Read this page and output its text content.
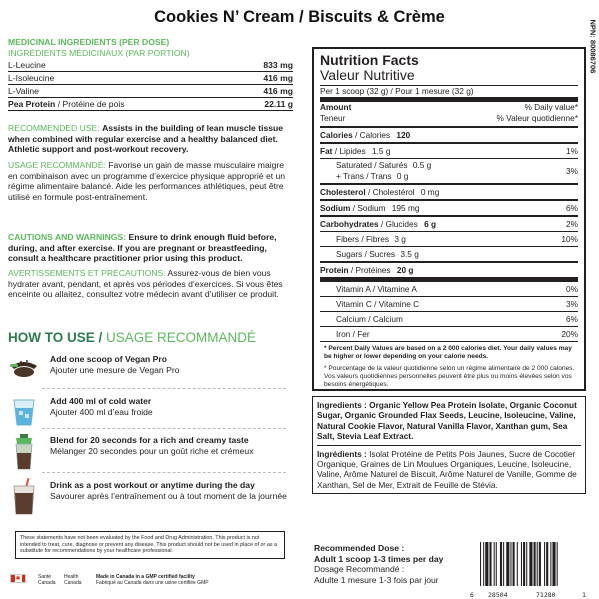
Cookies N’ Cream / Biscuits & Crème
MEDICINAL INGREDIENTS (PER DOSE)
INGRÉDIENTS MÉDICINAUX (PAR PORTION)
L-Leucine	833 mg
L-Isoleucine	416 mg
L-Valine	416 mg
Pea Protein / Protéine de pois	22.11 g
RECOMMENDED USE: Assists in the building of lean muscle tissue when combined with regular exercise and a healthy balanced diet. Athletic support and post-workout recovery.
USAGE RECOMMANDÉ: Favorise un gain de masse musculaire maigre en combinaison avec un programme d’exercice physique approprié et un régime alimentaire balancé. Aide les performances athlétiques, peut être utilisé en formule post-entraînement.
CAUTIONS AND WARNINGS: Ensure to drink enough fluid before, during, and after exercise. If you are pregnant or breastfeeding, consult a healthcare practitioner prior using this product.
AVERTISSEMENTS ET PRÉCAUTIONS: Assurez-vous de bien vous hydrater avant, pendant, et après vos périodes d’exercices. Si vous êtes enceinte ou allaitez, consultez votre médecin avant d’utiliser ce produit.
HOW TO USE / USAGE RECOMMANDÉ
Add one scoop of Vegan Pro
Ajouter une mesure de Vegan Pro
Add 400 ml of cold water
Ajouter 400 ml d’eau froide
Blend for 20 seconds for a rich and creamy taste
Mélanger 20 secondes pour un goût riche et crémeux
Drink as a post workout or anytime during the day
Savourer après l’entraînement ou à tout moment de la journée
These statements have not been evaluated by the Food and Drug Administration. This product is not intended to treat, cure, diagnose or prevent any disease. This product should not be used in place of or as a substitute for recommendations by your healthcare professional.
✱	Santé Canada
Health Canada
Made in Canada in a GMP certified facility
Fabriqué au Canada dans une usine certifiée GMP
NPN: 80086706
Nutrition Facts
Valeur Nutritive
Per 1 scoop (32 g) / Pour 1 mesure (32 g)
Amount	% Daily value*
Teneur	% Valeur quotidienne*
Calories / Calories 120
Fat / Lipides 1.5 g	1%
Saturated / Saturés 0.5 g
+ Trans / Trans 0 g	3%
Cholesterol / Cholestérol 0 mg
Sodium / Sodium 195 mg	6%
Carbohydrates / Glucides 6 g	2%
Fibers / Fibres 3 g	10%
Sugars / Sucres 3.5 g
Protein / Protéines 20 g
Vitamin A / Vitamine A	0%
Vitamin C / Vitamine C	3%
Calcium / Calcium	6%
Iron / Fer	20%
* Percent Daily Values are based on a 2 000 calories diet. Your daily values may be higher or lower depending on your calorie needs.
* Pourcentage de la valeur quotidienne selon un régime alimentaire de 2 000 calories. Vos valeurs quotidiennes personnelles peuvent être plus ou moins élevées selon vos besoins énergétiques.

Ingredients : Organic Yellow Pea Protein Isolate, Organic Coconut Sugar, Organic Grounded Flax Seeds, Leucine, Isoleucine, Valine, Natural Cookie Flavor, Natural Vanilla Flavor, Xanthan gum, Sea Salt, Stevia Leaf Extract.

Ingrédients : Isolat Protéine de Petits Pois Jaunes, Sucre de Cocotier Organique, Graines de Lin Moulues Organiques, Leucine, Isoleucine, Valine, Arôme Naturel de Biscuit, Arôme Naturel de Vanille, Gomme de Xanthan, Sel de Mer, Extrait de Feuille de Stévia.

Recommended Dose :
Adult 1 scoop 1-3 times per day
Dosage Recommandé :
Adulte 1 mesure 1-3 fois par jour
6 28504	71280	1
